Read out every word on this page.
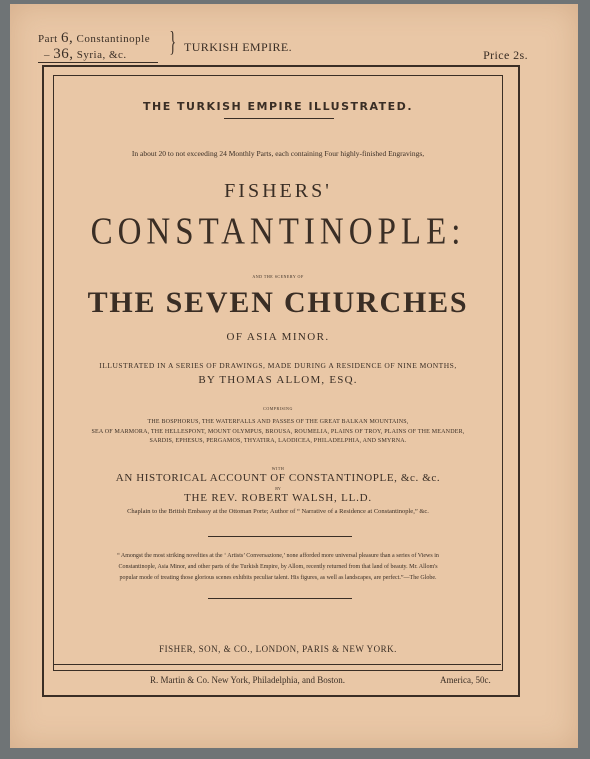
Part 6, Constantinople
– 36, Syria, &c. } TURKISH EMPIRE.
Price 2s.
THE TURKISH EMPIRE ILLUSTRATED.
In about 20 to not exceeding 24 Monthly Parts, each containing Four highly-finished Engravings,
FISHERS'
CONSTANTINOPLE:
AND THE SCENERY OF
THE SEVEN CHURCHES
OF ASIA MINOR.
ILLUSTRATED IN A SERIES OF DRAWINGS, MADE DURING A RESIDENCE OF NINE MONTHS,
BY THOMAS ALLOM, ESQ.
COMPRISING
THE BOSPHORUS, THE WATERFALLS AND PASSES OF THE GREAT BALKAN MOUNTAINS,
SEA OF MARMORA, THE HELLESPONT, MOUNT OLYMPUS, BROUSA, ROUMELIA, PLAINS OF TROY, PLAINS OF THE MEANDER,
SARDIS, EPHESUS, PERGAMOS, THYATIRA, LAODICEA, PHILADELPHIA, AND SMYRNA.
WITH
AN HISTORICAL ACCOUNT OF CONSTANTINOPLE, &c. &c.
BY
THE REV. ROBERT WALSH, LL.D.
Chaplain to the British Embassy at the Ottoman Porte; Author of “ Narrative of a Residence at Constantinople,” &c.
“ Amongst the most striking novelties at the ‘ Artists’ Conversazione,’ none afforded more universal pleasure than a series of Views in
Constantinople, Asia Minor, and other parts of the Turkish Empire, by Allom, recently returned from that land of beauty. Mr. Allom's
popular mode of treating those glorious scenes exhibits peculiar talent. His figures, as well as landscapes, are perfect.”—The Globe.
FISHER, SON, & CO., LONDON, PARIS & NEW YORK.
R. Martin & Co. New York, Philadelphia, and Boston.	America, 50c.
